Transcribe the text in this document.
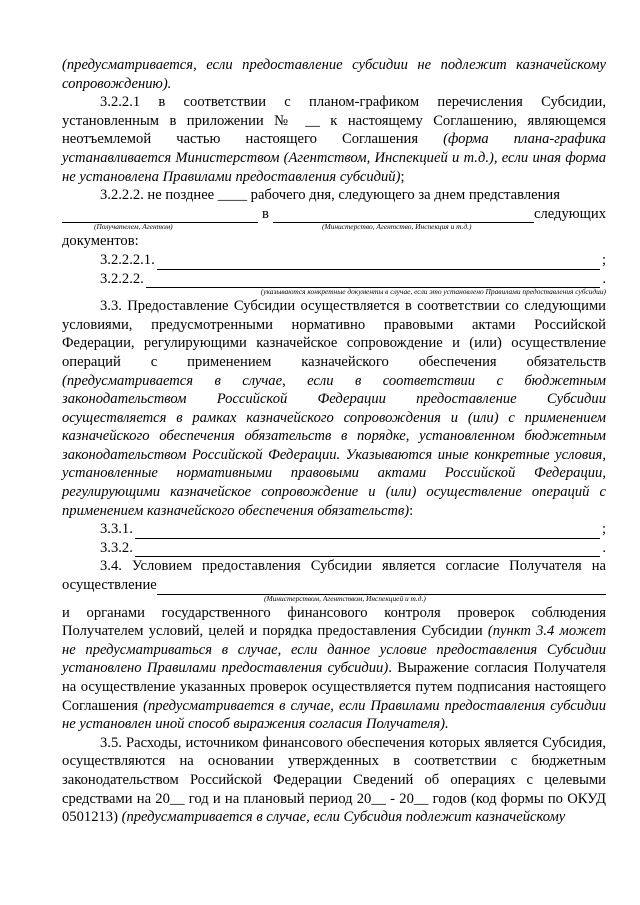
(предусматривается, если предоставление субсидии не подлежит казначейскому сопровождению).

3.2.2.1 в соответствии с планом-графиком перечисления Субсидии, установленным в приложении № __ к настоящему Соглашению, являющемся неотъемлемой частью настоящего Соглашения (форма плана-графика устанавливается Министерством (Агентством, Инспекцией и т.д.), если иная форма не установлена Правилами предоставления субсидий);

3.2.2.2. не позднее ____ рабочего дня, следующего за днем представления

в	следующих
(Получателем, Агентом)	(Министерство, Агентство, Инспекция и т.д.)

документов:

3.2.2.2.1.	;
3.2.2.2.	.
(указываются конкретные документы в случае, если это установлено Правилами предоставления субсидии)

3.3. Предоставление Субсидии осуществляется в соответствии со следующими условиями, предусмотренными нормативно правовыми актами Российской Федерации, регулирующими казначейское сопровождение и (или) осуществление операций с применением казначейского обеспечения обязательств (предусматривается в случае, если в соответствии с бюджетным законодательством Российской Федерации предоставление Субсидии осуществляется в рамках казначейского сопровождения и (или) с применением казначейского обеспечения обязательств в порядке, установленном бюджетным законодательством Российской Федерации. Указываются иные конкретные условия, установленные нормативными правовыми актами Российской Федерации, регулирующими казначейское сопровождение и (или) осуществление операций с применением казначейского обеспечения обязательств):

3.3.1.	;
3.3.2.	.

3.4. Условием предоставления Субсидии является согласие Получателя на

осуществление
(Министерством, Агентством, Инспекцией и т.д.)

и органами государственного финансового контроля проверок соблюдения Получателем условий, целей и порядка предоставления Субсидии (пункт 3.4 может не предусматриваться в случае, если данное условие предоставления Субсидии установлено Правилами предоставления субсидии). Выражение согласия Получателя на осуществление указанных проверок осуществляется путем подписания настоящего Соглашения (предусматривается в случае, если Правилами предоставления субсидии не установлен иной способ выражения согласия Получателя).

3.5. Расходы, источником финансового обеспечения которых является Субсидия, осуществляются на основании утвержденных в соответствии с бюджетным законодательством Российской Федерации Сведений об операциях с целевыми средствами на 20__ год и на плановый период 20__ - 20__ годов (код формы по ОКУД 0501213) (предусматривается в случае, если Субсидия подлежит казначейскому
